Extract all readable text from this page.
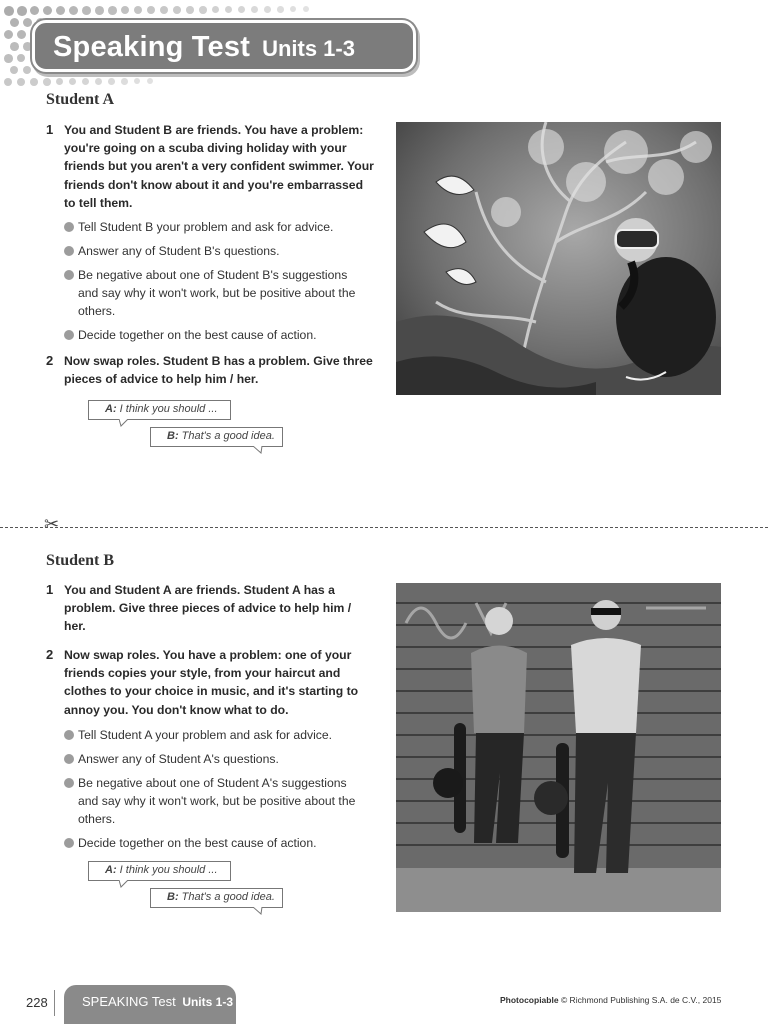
Speaking Test Units 1-3
Student A
1 You and Student B are friends. You have a problem: you're going on a scuba diving holiday with your friends but you aren't a very confident swimmer. Your friends don't know about it and you're embarrassed to tell them.
Tell Student B your problem and ask for advice.
Answer any of Student B's questions.
Be negative about one of Student B's suggestions and say why it won't work, but be positive about the others.
Decide together on the best cause of action.
2 Now swap roles. Student B has a problem. Give three pieces of advice to help him / her.
A: I think you should ...
B: That's a good idea.
✂
Student B
1 You and Student A are friends. Student A has a problem. Give three pieces of advice to help him / her.
2 Now swap roles. You have a problem: one of your friends copies your style, from your haircut and clothes to your choice in music, and it's starting to annoy you. You don't know what to do.
Tell Student A your problem and ask for advice.
Answer any of Student A's questions.
Be negative about one of Student A's suggestions and say why it won't work, but be positive about the others.
Decide together on the best cause of action.
A: I think you should ...
B: That's a good idea.
228	SPEAKING Test Units 1-3	Photocopiable © Richmond Publishing S.A. de C.V., 2015
